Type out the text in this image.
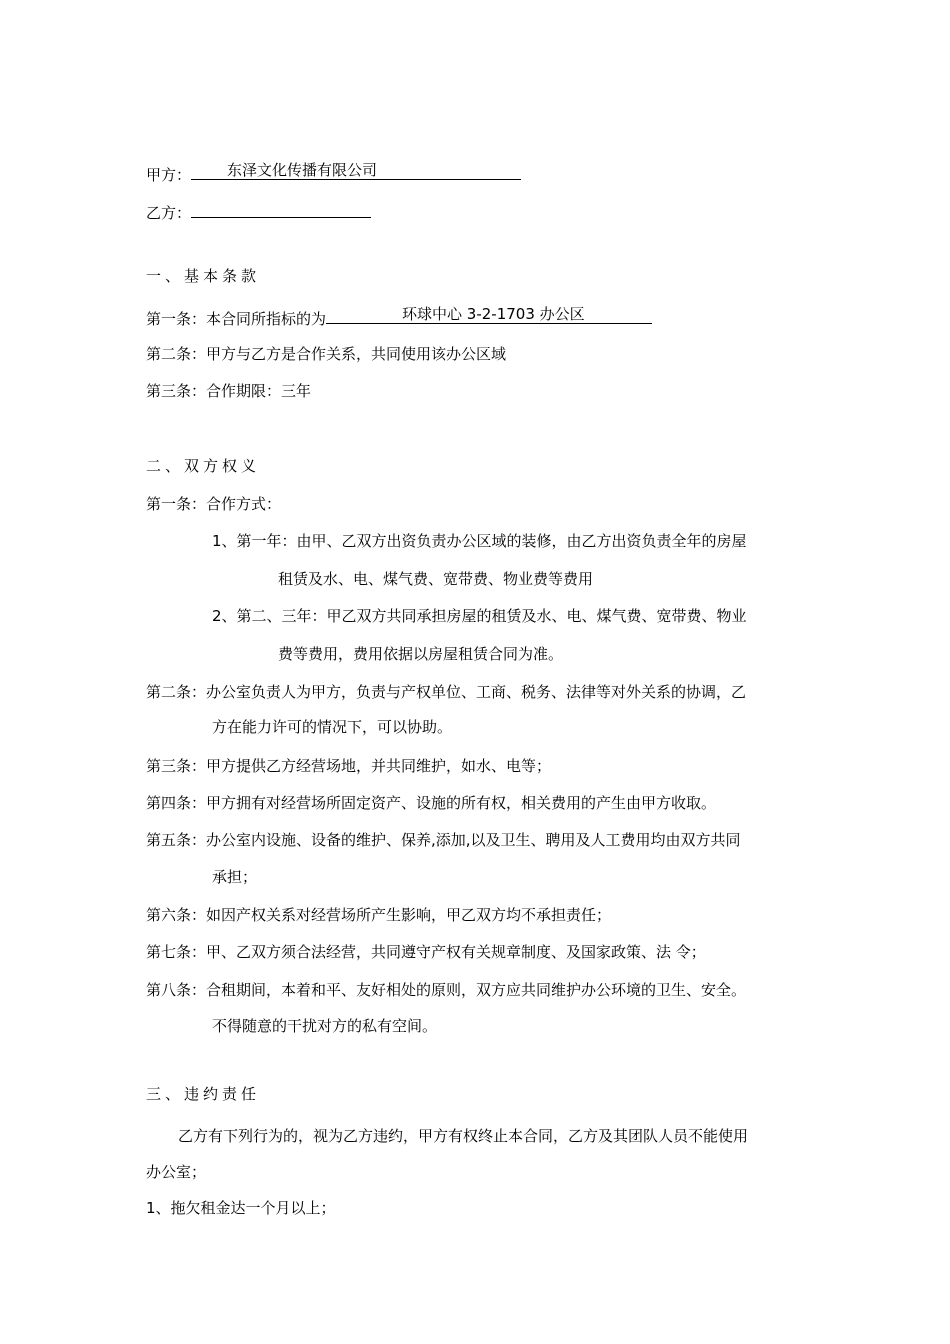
甲方： 东泽文化传播有限公司
乙方：
一、基本条款
第一条：本合同所指标的为	环球中心 3-2-1703 办公区
第二条：甲方与乙方是合作关系，共同使用该办公区域
第三条：合作期限：三年
二、双方权义
第一条：合作方式：
1、第一年：由甲、乙双方出资负责办公区域的装修，由乙方出资负责全年的房屋
租赁及水、电、煤气费、宽带费、物业费等费用
2、第二、三年：甲乙双方共同承担房屋的租赁及水、电、煤气费、宽带费、物业
费等费用，费用依据以房屋租赁合同为准。
第二条：办公室负责人为甲方，负责与产权单位、工商、税务、法律等对外关系的协调，乙
方在能力许可的情况下，可以协助。
第三条：甲方提供乙方经营场地，并共同维护，如水、电等；
第四条：甲方拥有对经营场所固定资产、设施的所有权，相关费用的产生由甲方收取。
第五条：办公室内设施、设备的维护、保养,添加,以及卫生、聘用及人工费用均由双方共同
承担；
第六条：如因产权关系对经营场所产生影响，甲乙双方均不承担责任；
第七条：甲、乙双方须合法经营，共同遵守产权有关规章制度、及国家政策、法 令；
第八条：合租期间，本着和平、友好相处的原则，双方应共同维护办公环境的卫生、安全。
不得随意的干扰对方的私有空间。
三、违约责任
乙方有下列行为的，视为乙方违约，甲方有权终止本合同，乙方及其团队人员不能使用
办公室；
1、拖欠租金达一个月以上；
